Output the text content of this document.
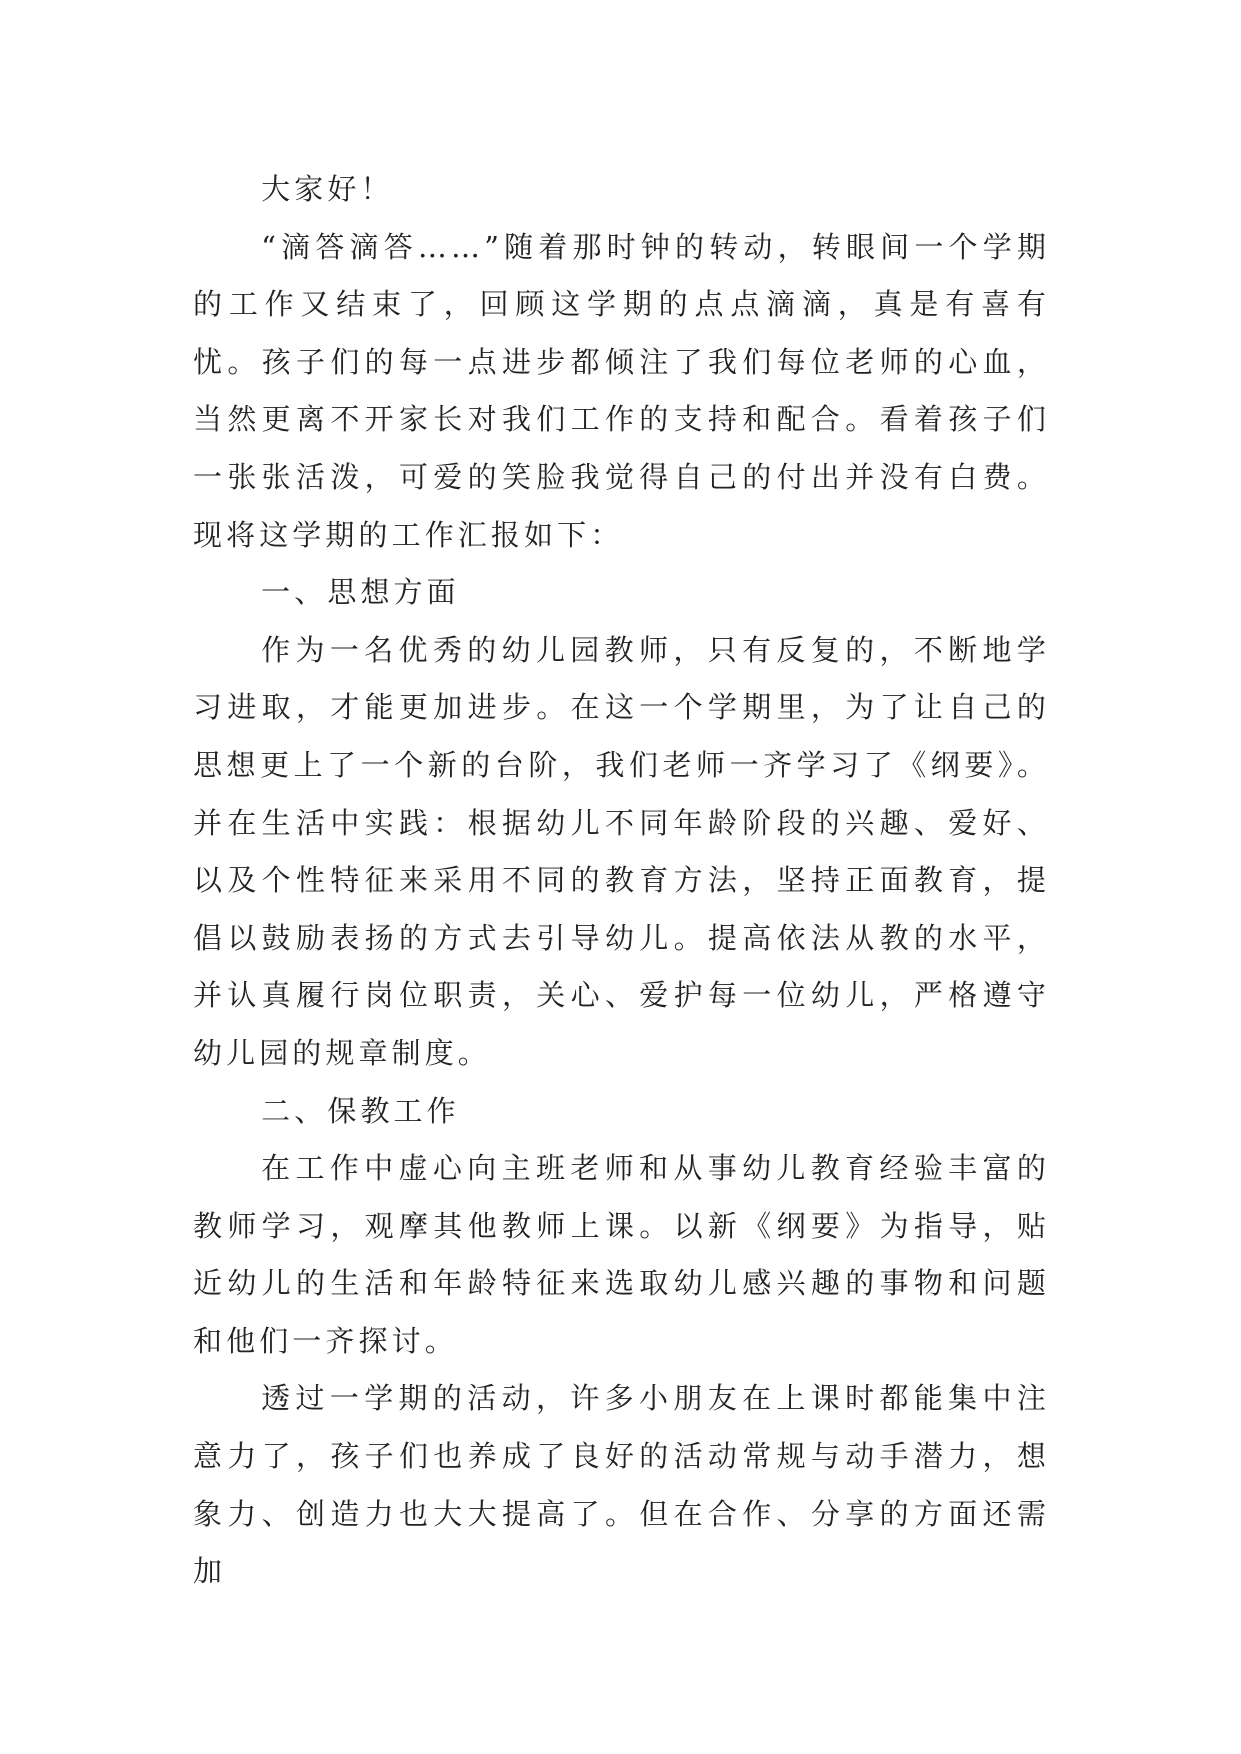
大家好！

“滴答滴答……”随着那时钟的转动，转眼间一个学期的工作又结束了，回顾这学期的点点滴滴，真是有喜有忧。孩子们的每一点进步都倾注了我们每位老师的心血，当然更离不开家长对我们工作的支持和配合。看着孩子们一张张活泼，可爱的笑脸我觉得自己的付出并没有白费。现将这学期的工作汇报如下：

一、思想方面

作为一名优秀的幼儿园教师，只有反复的，不断地学习进取，才能更加进步。在这一个学期里，为了让自己的思想更上了一个新的台阶，我们老师一齐学习了《纲要》。并在生活中实践：根据幼儿不同年龄阶段的兴趣、爱好、以及个性特征来采用不同的教育方法，坚持正面教育，提倡以鼓励表扬的方式去引导幼儿。提高依法从教的水平，并认真履行岗位职责，关心、爱护每一位幼儿，严格遵守幼儿园的规章制度。

二、保教工作

在工作中虚心向主班老师和从事幼儿教育经验丰富的教师学习，观摩其他教师上课。以新《纲要》为指导，贴近幼儿的生活和年龄特征来选取幼儿感兴趣的事物和问题和他们一齐探讨。

透过一学期的活动，许多小朋友在上课时都能集中注意力了，孩子们也养成了良好的活动常规与动手潜力，想象力、创造力也大大提高了。但在合作、分享的方面还需加
